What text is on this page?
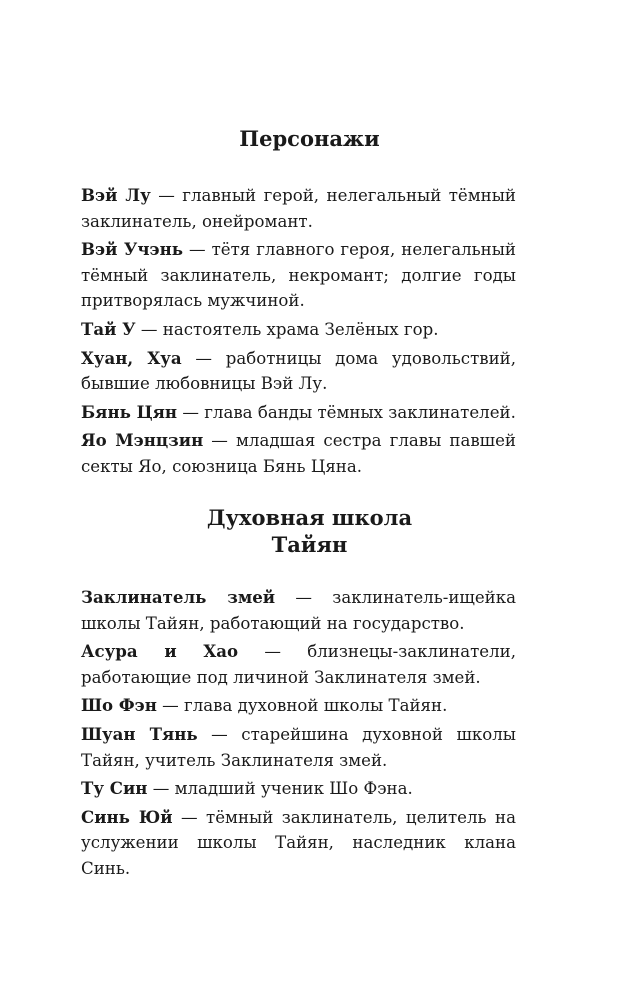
Персонажи

Вэй Лу — главный герой, нелегальный тёмный заклинатель, онейромант.

Вэй Учэнь — тётя главного героя, нелегальный тёмный заклинатель, некромант; долгие годы притворялась мужчиной.

Тай У — настоятель храма Зелёных гор.

Хуан, Хуа — работницы дома удовольствий, бывшие любовницы Вэй Лу.

Бянь Цян — глава банды тёмных заклинателей.

Яо Мэнцзин — младшая сестра главы павшей секты Яо, союзница Бянь Цяна.

Духовная школа
Тайян

Заклинатель змей — заклинатель-ищейка школы Тайян, работающий на государство.

Асура и Хао — близнецы-заклинатели, работающие под личиной Заклинателя змей.

Шо Фэн — глава духовной школы Тайян.

Шуан Тянь — старейшина духовной школы Тайян, учитель Заклинателя змей.

Ту Син — младший ученик Шо Фэна.

Синь Юй — тёмный заклинатель, целитель на услужении школы Тайян, наследник клана Синь.
